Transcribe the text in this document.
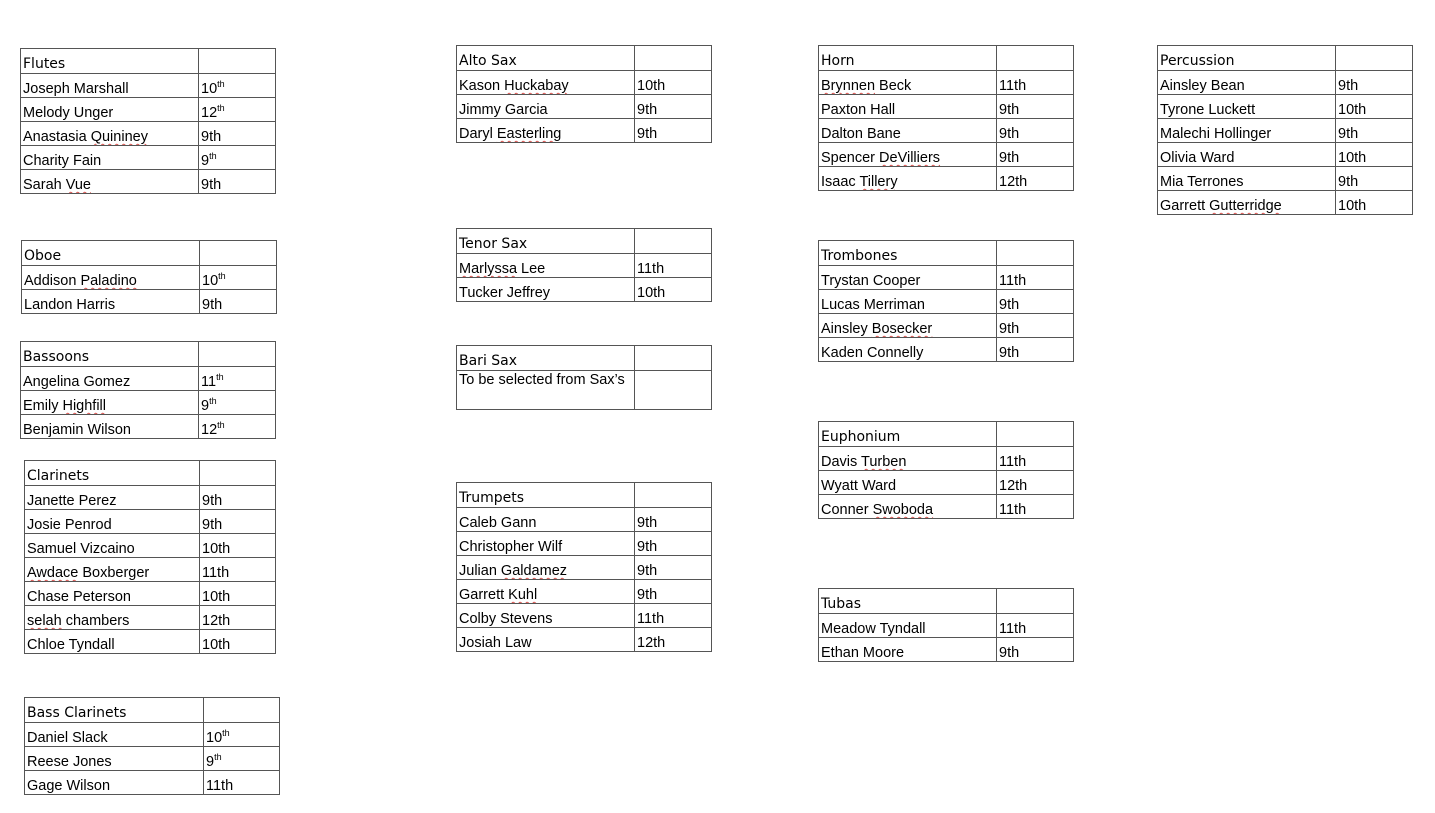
Flutes	
Joseph Marshall	10th
Melody Unger	12th
Anastasia Quininey	9th
Charity Fain	9th
Sarah Vue	9th
Oboe	
Addison Paladino	10th
Landon Harris	9th
Bassoons	
Angelina Gomez	11th
Emily Highfill	9th
Benjamin Wilson	12th
Clarinets	
Janette Perez	9th
Josie Penrod	9th
Samuel Vizcaino	10th
Awdace Boxberger	11th
Chase Peterson	10th
selah chambers	12th
Chloe Tyndall	10th
Bass Clarinets	
Daniel Slack	10th
Reese Jones	9th
Gage Wilson	11th
Alto Sax	
Kason Huckabay	10th
Jimmy Garcia	9th
Daryl Easterling	9th
Tenor Sax	
Marlyssa Lee	11th
Tucker Jeffrey	10th
Bari Sax	
To be selected from Sax’s	
Trumpets	
Caleb Gann	9th
Christopher Wilf	9th
Julian Galdamez	9th
Garrett Kuhl	9th
Colby Stevens	11th
Josiah Law	12th
Horn	
Brynnen Beck	11th
Paxton Hall	9th
Dalton Bane	9th
Spencer DeVilliers	9th
Isaac Tillery	12th
Trombones	
Trystan Cooper	11th
Lucas Merriman	9th
Ainsley Bosecker	9th
Kaden Connelly	9th
Euphonium	
Davis Turben	11th
Wyatt Ward	12th
Conner Swoboda	11th
Tubas	
Meadow Tyndall	11th
Ethan Moore	9th
Percussion	
Ainsley Bean	9th
Tyrone Luckett	10th
Malechi Hollinger	9th
Olivia Ward	10th
Mia Terrones	9th
Garrett Gutterridge	10th
